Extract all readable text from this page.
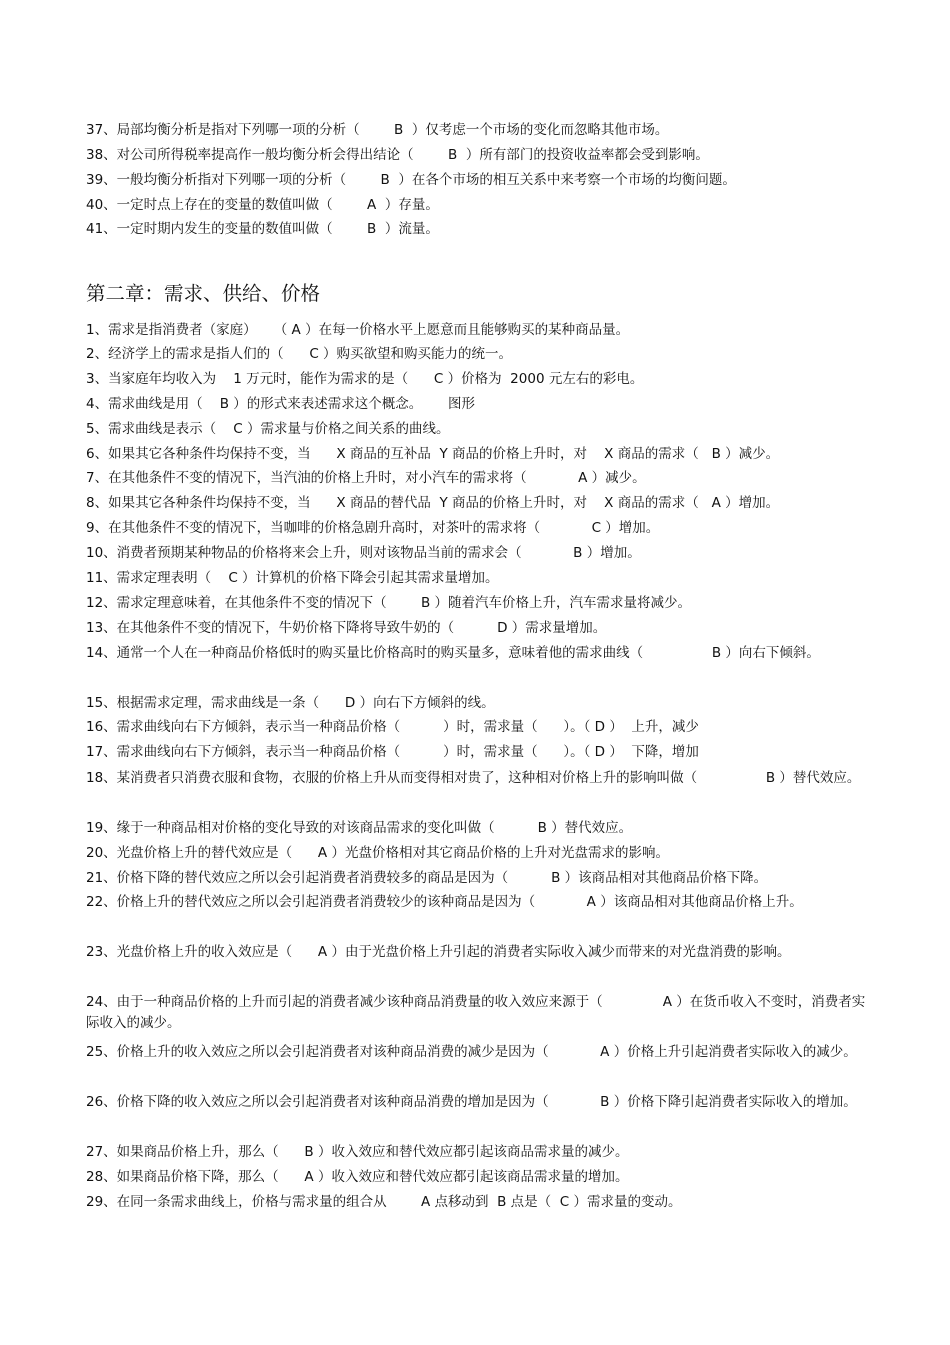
37、局部均衡分析是指对下列哪一项的分析（        B  ）仅考虑一个市场的变化而忽略其他市场。
38、对公司所得税率提高作一般均衡分析会得出结论（        B  ）所有部门的投资收益率都会受到影响。
39、一般均衡分析指对下列哪一项的分析（        B  ）在各个市场的相互关系中来考察一个市场的均衡问题。
40、一定时点上存在的变量的数值叫做（        A  ）存量。
41、一定时期内发生的变量的数值叫做（        B  ）流量。
第二章：需求、供给、价格
1、需求是指消费者（家庭）    （ A ）在每一价格水平上愿意而且能够购买的某种商品量。
2、经济学上的需求是指人们的（      C ）购买欲望和购买能力的统一。
3、当家庭年均收入为    1 万元时，能作为需求的是（      C ）价格为  2000 元左右的彩电。
4、需求曲线是用（    B ）的形式来表述需求这个概念。      图形
5、需求曲线是表示（    C ）需求量与价格之间关系的曲线。
6、如果其它各种条件均保持不变，当      X 商品的互补品  Y 商品的价格上升时，对    X 商品的需求（   B ）减少。
7、在其他条件不变的情况下，当汽油的价格上升时，对小汽车的需求将（            A ）减少。
8、如果其它各种条件均保持不变，当      X 商品的替代品  Y 商品的价格上升时，对    X 商品的需求（   A ）增加。
9、在其他条件不变的情况下，当咖啡的价格急剧升高时，对茶叶的需求将（            C ）增加。
10、消费者预期某种物品的价格将来会上升，则对该物品当前的需求会（            B ）增加。
11、需求定理表明（    C ）计算机的价格下降会引起其需求量增加。
12、需求定理意味着，在其他条件不变的情况下（        B ）随着汽车价格上升，汽车需求量将减少。
13、在其他条件不变的情况下，牛奶价格下降将导致牛奶的（          D ）需求量增加。
14、通常一个人在一种商品价格低时的购买量比价格高时的购买量多，意味着他的需求曲线（                B ）向右下倾斜。
15、根据需求定理，需求曲线是一条（      D ）向右下方倾斜的线。
16、需求曲线向右下方倾斜，表示当一种商品价格（          ）时，需求量（      ）。（ D ）  上升，减少
17、需求曲线向右下方倾斜，表示当一种商品价格（          ）时，需求量（      ）。（ D ）  下降，增加
18、某消费者只消费衣服和食物，衣服的价格上升从而变得相对贵了，这种相对价格上升的影响叫做（                B ）替代效应。
19、缘于一种商品相对价格的变化导致的对该商品需求的变化叫做（          B ）替代效应。
20、光盘价格上升的替代效应是（      A ）光盘价格相对其它商品价格的上升对光盘需求的影响。
21、价格下降的替代效应之所以会引起消费者消费较多的商品是因为（          B ）该商品相对其他商品价格下降。
22、价格上升的替代效应之所以会引起消费者消费较少的该种商品是因为（            A ）该商品相对其他商品价格上升。
23、光盘价格上升的收入效应是（      A ）由于光盘价格上升引起的消费者实际收入减少而带来的对光盘消费的影响。
24、由于一种商品价格的上升而引起的消费者减少该种商品消费量的收入效应来源于（              A ）在货币收入不变时，消费者实际收入的减少。
25、价格上升的收入效应之所以会引起消费者对该种商品消费的减少是因为（            A ）价格上升引起消费者实际收入的减少。
26、价格下降的收入效应之所以会引起消费者对该种商品消费的增加是因为（            B ）价格下降引起消费者实际收入的增加。
27、如果商品价格上升，那么（      B ）收入效应和替代效应都引起该商品需求量的减少。
28、如果商品价格下降，那么（      A ）收入效应和替代效应都引起该商品需求量的增加。
29、在同一条需求曲线上，价格与需求量的组合从        A 点移动到  B 点是（  C ）需求量的变动。
